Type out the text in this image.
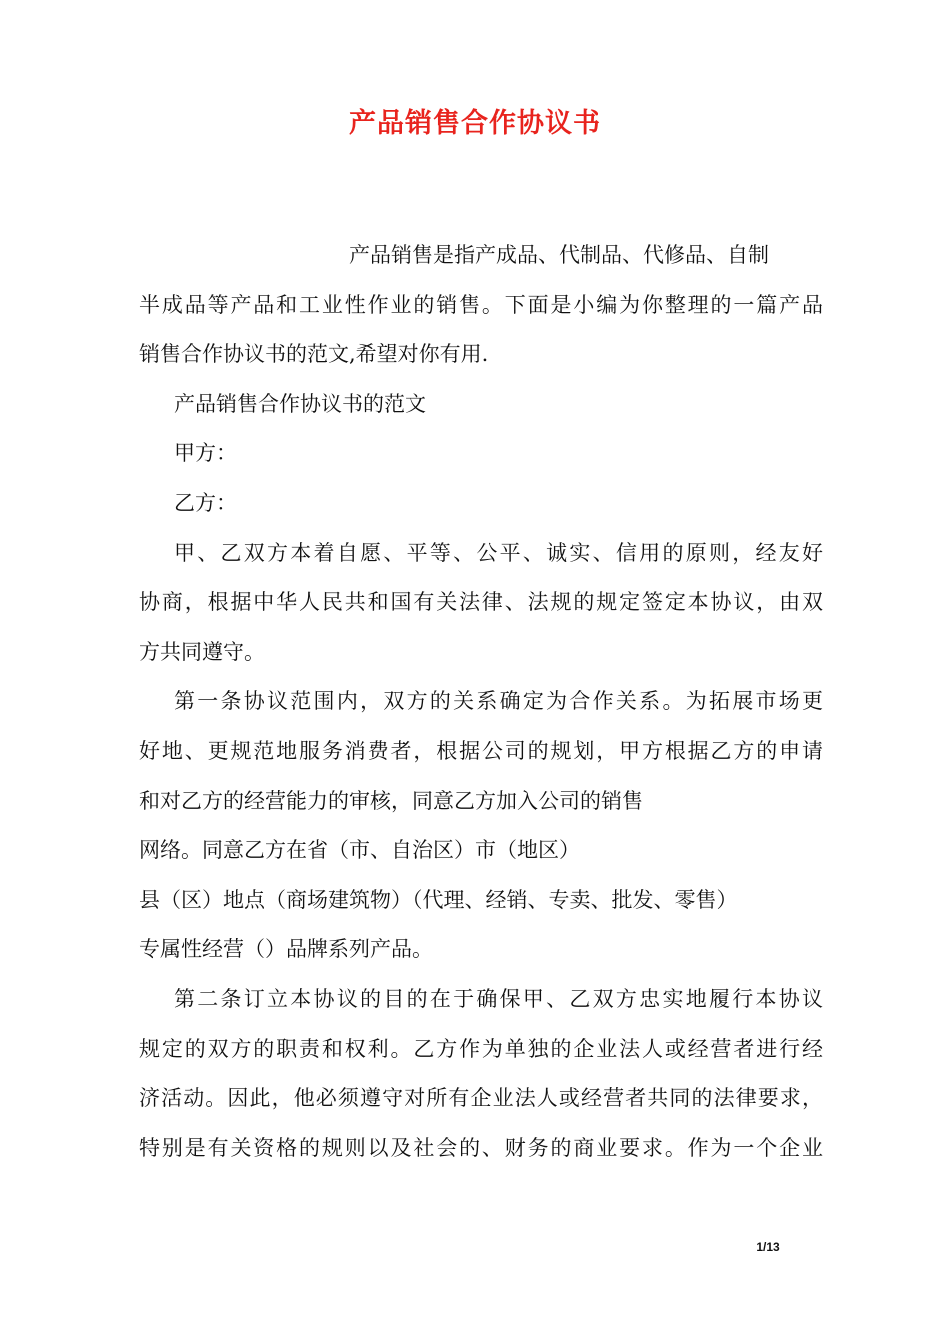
产品销售合作协议书
产品销售是指产成品、代制品、代修品、自制
半成品等产品和工业性作业的销售。下面是小编为你整理的一篇产品
销售合作协议书的范文,希望对你有用.
产品销售合作协议书的范文
甲方：
乙方：
甲、乙双方本着自愿、平等、公平、诚实、信用的原则，经友好
协商，根据中华人民共和国有关法律、法规的规定签定本协议，由双
方共同遵守。
第一条协议范围内，双方的关系确定为合作关系。为拓展市场更
好地、更规范地服务消费者，根据公司的规划，甲方根据乙方的申请
和对乙方的经营能力的审核，同意乙方加入公司的销售
网络。同意乙方在省（市、自治区）市（地区）
县（区）地点（商场建筑物）（代理、经销、专卖、批发、零售）
专属性经营（）品牌系列产品。
第二条订立本协议的目的在于确保甲、乙双方忠实地履行本协议
规定的双方的职责和权利。乙方作为单独的企业法人或经营者进行经
济活动。因此，他必须遵守对所有企业法人或经营者共同的法律要求，
特别是有关资格的规则以及社会的、财务的商业要求。作为一个企业
1/13
